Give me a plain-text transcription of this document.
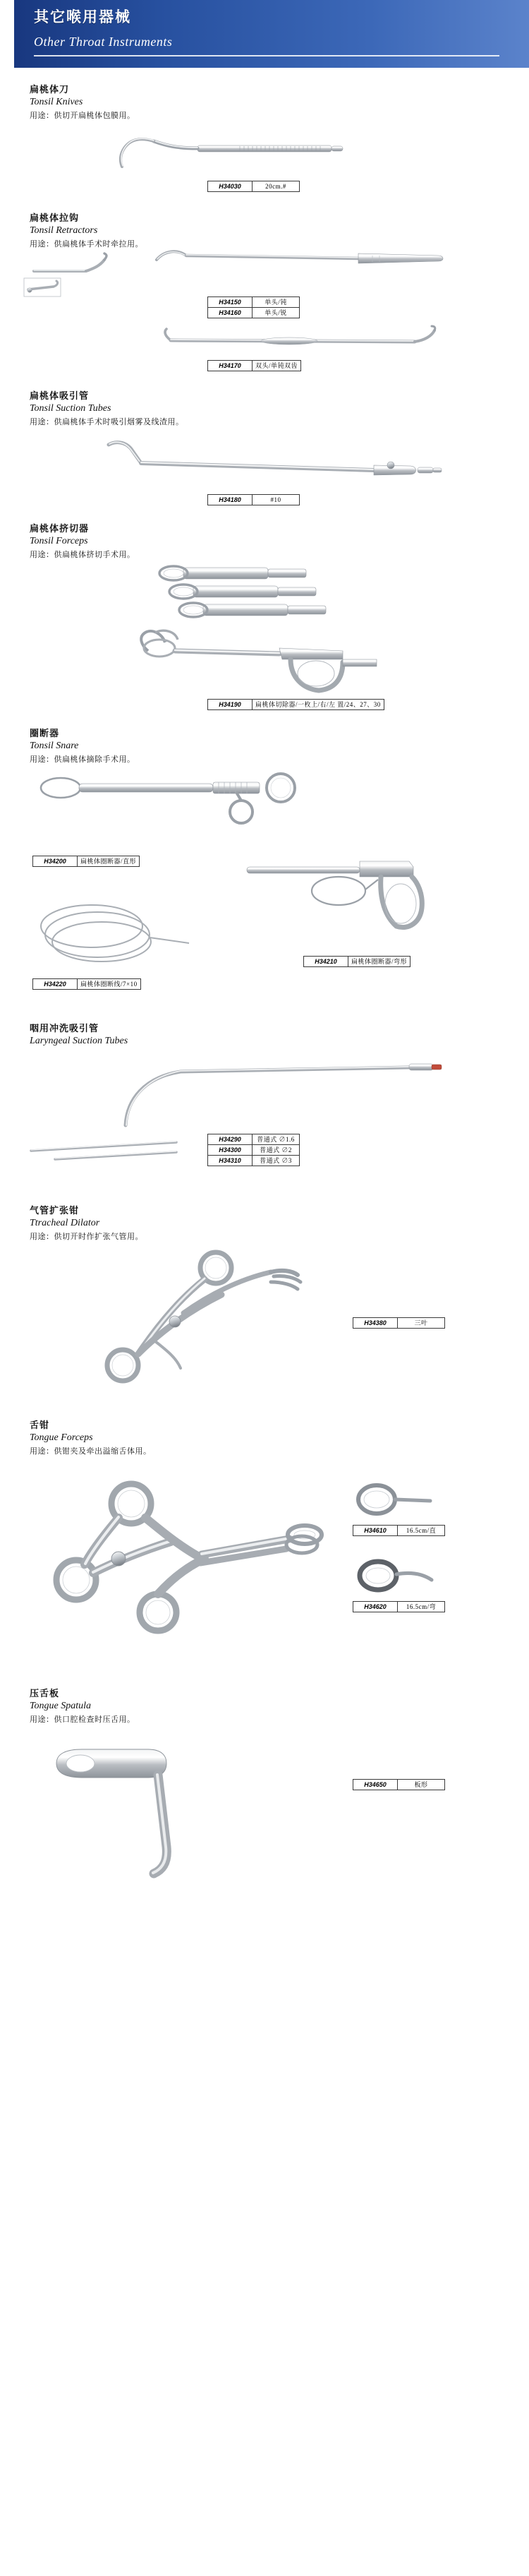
其它喉用器械
Other Throat Instruments
扁桃体刀
Tonsil Knives
用途：供切开扁桃体包膜用。
H34030	20cm.#
扁桃体拉钩
Tonsil Retractors
用途：供扁桃体手术时牵拉用。
H34150	单头/钝
H34160	单头/锐
H34170	双头/单钝双齿
扁桃体吸引管
Tonsil Suction Tubes
用途：供扁桃体手术时吸引烟雾及线渣用。
H34180	#10
扁桃体挤切器
Tonsil Forceps
用途：供扁桃体挤切手术用。
H34190	扁桃体切除器/一枚上/右/左 置/24、27、30
圈断器
Tonsil Snare
用途：供扁桃体摘除手术用。
H34200	扁桃体圈断器/直形
H34210	扁桃体圈断器/弯形
H34220	扁桃体圈断线/7×10
咽用冲洗吸引管
Laryngeal Suction Tubes
H34290	普通式 ∅1.6
H34300	普通式 ∅2
H34310	普通式 ∅3
气管扩张钳
Ttracheal Dilator
用途：供切开时作扩张气管用。
H34380	三叶
舌钳
Tongue Forceps
用途：供钳夹及牵出溢缩舌体用。
H34610	16.5cm/直
H34620	16.5cm/弯
压舌板
Tongue Spatula
用途：供口腔检查时压舌用。
H34650	板形
